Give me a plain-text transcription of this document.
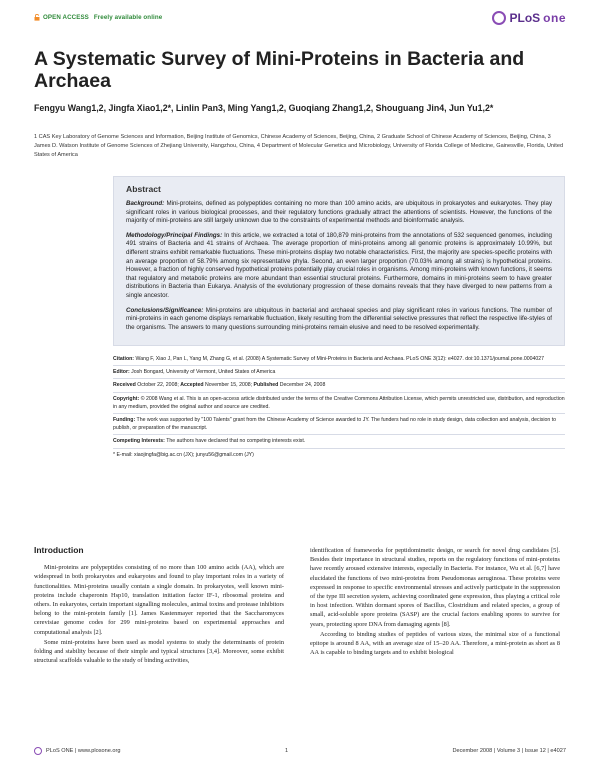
OPEN ACCESS Freely available online	PLoS one
A Systematic Survey of Mini-Proteins in Bacteria and Archaea
Fengyu Wang1,2, Jingfa Xiao1,2*, Linlin Pan3, Ming Yang1,2, Guoqiang Zhang1,2, Shouguang Jin4, Jun Yu1,2*
1 CAS Key Laboratory of Genome Sciences and Information, Beijing Institute of Genomics, Chinese Academy of Sciences, Beijing, China, 2 Graduate School of Chinese Academy of Sciences, Beijing, China, 3 James D. Watson Institute of Genome Sciences of Zhejiang University, Hangzhou, China, 4 Department of Molecular Genetics and Microbiology, University of Florida College of Medicine, Gainesville, Florida, United States of America
Abstract

Background: Mini-proteins, defined as polypeptides containing no more than 100 amino acids, are ubiquitous in prokaryotes and eukaryotes. They play significant roles in various biological processes, and their regulatory functions gradually attract the attentions of scientists. However, the functions of the majority of mini-proteins are still largely unknown due to the constraints of experimental methods and bioinformatic analysis.

Methodology/Principal Findings: In this article, we extracted a total of 180,879 mini-proteins from the annotations of 532 sequenced genomes, including 491 strains of Bacteria and 41 strains of Archaea. The average proportion of mini-proteins among all genomic proteins is approximately 10.99%, but different strains exhibit remarkable fluctuations. These mini-proteins display two notable characteristics. First, the majority are species-specific proteins with an average proportion of 58.79% among six representative phyla. Second, an even larger proportion (70.03% among all strains) is hypothetical proteins. However, a fraction of highly conserved hypothetical proteins potentially play crucial roles in organisms. Among mini-proteins with known functions, it seems that regulatory and metabolic proteins are more abundant than essential structural proteins. Furthermore, domains in mini-proteins seem to have greater distributions in Bacteria than Eukarya. Analysis of the evolutionary progression of these domains reveals that they have diverged to new patterns from a single ancestor.

Conclusions/Significance: Mini-proteins are ubiquitous in bacterial and archaeal species and play significant roles in various functions. The number of mini-proteins in each genome displays remarkable fluctuation, likely resulting from the differential selective pressures that reflect the respective life-styles of the organisms. The answers to many questions surrounding mini-proteins remain elusive and need to be resolved experimentally.

Citation: Wang F, Xiao J, Pan L, Yang M, Zhang G, et al. (2008) A Systematic Survey of Mini-Proteins in Bacteria and Archaea. PLoS ONE 3(12): e4027. doi:10.1371/journal.pone.0004027
Editor: Josh Bongard, University of Vermont, United States of America
Received October 22, 2008; Accepted November 15, 2008; Published December 24, 2008
Copyright: © 2008 Wang et al. This is an open-access article distributed under the terms of the Creative Commons Attribution License, which permits unrestricted use, distribution, and reproduction in any medium, provided the original author and source are credited.
Funding: The work was supported by "100 Talents" grant from the Chinese Academy of Science awarded to JY. The funders had no role in study design, data collection and analysis, decision to publish, or preparation of the manuscript.
Competing Interests: The authors have declared that no competing interests exist.
* E-mail: xiaojingfa@big.ac.cn (JX); junyu56@gmail.com (JY)
Introduction

Mini-proteins are polypeptides consisting of no more than 100 amino acids (AA), which are widespread in both prokaryotes and eukaryotes and found to play important roles in a variety of functionalities. Mini-proteins usually contain a single domain. In prokaryotes, well known mini-proteins include chaperonin Hsp10, translation initiation factor IF-1, ribosomal proteins and others. In eukaryotes, certain important signalling molecules, animal toxins and protease inhibitors belong to the mini-protein family [1]. James Kastenmayer reported that the Saccharomyces cerevisiae genome codes for 299 mini-proteins based on experimental approaches and computational analysis [2].

Some mini-proteins have been used as model systems to study the determinants of protein folding and stability because of their simple and typical structures [3,4]. Moreover, some exhibit structural scaffolds valuable to the study of binding activities,

identification of frameworks for peptidomimetic design, or search for novel drug candidates [5]. Besides their importance in structural studies, reports on the regulatory functions of mini-proteins have recently aroused extensive interests, especially in Bacteria. For instance, Wu et al. [6,7] have elucidated the functions of two mini-proteins from Pseudomonas aeruginosa. These proteins were expressed in response to specific environmental stresses and actively participate in the suppression of the type III secretion system, achieving coordinated gene expression, thus playing a critical role in host infection. Within dormant spores of Bacillus, Clostridium and related species, a group of small, acid-soluble spore proteins (SASP) are the crucial factors enabling spores to survive for years, protecting spore DNA from damaging agents [8].

According to binding studies of peptides of various sizes, the minimal size of a functional epitope is around 8 AA, with an average size of 15–20 AA. Therefore, a mini-protein as short as 8 AA is capable to binding targets and to exhibit biological

PLoS ONE | www.plosone.org	1	December 2008 | Volume 3 | Issue 12 | e4027
